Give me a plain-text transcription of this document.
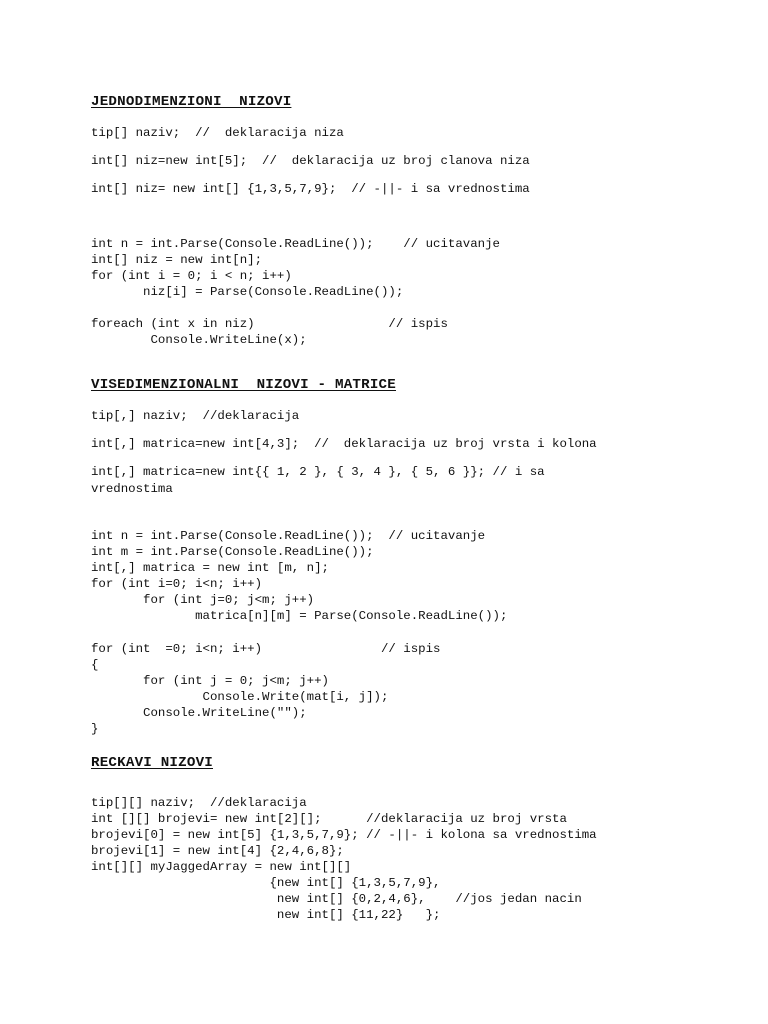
JEDNODIMENZIONI  NIZOVI
tip[] naziv;  //  deklaracija niza
int[] niz=new int[5];  //  deklaracija uz broj clanova niza
int[] niz= new int[] {1,3,5,7,9};  // -||- i sa vrednostima
int n = int.Parse(Console.ReadLine());    // ucitavanje
int[] niz = new int[n];
for (int i = 0; i < n; i++)
niz[i] = Parse(Console.ReadLine());
foreach (int x in niz)                  // ispis
Console.WriteLine(x);
VISEDIMENZIONALNI  NIZOVI - MATRICE
tip[,] naziv;  //deklaracija
int[,] matrica=new int[4,3];  //  deklaracija uz broj vrsta i kolona
int[,] matrica=new int{{ 1, 2 }, { 3, 4 }, { 5, 6 }}; // i sa
vrednostima
int n = int.Parse(Console.ReadLine());  // ucitavanje
int m = int.Parse(Console.ReadLine());
int[,] matrica = new int [m, n];
for (int i=0; i<n; i++)
for (int j=0; j<m; j++)
matrica[n][m] = Parse(Console.ReadLine());
for (int  =0; i<n; i++)                // ispis
{
for (int j = 0; j<m; j++)
Console.Write(mat[i, j]);
Console.WriteLine("");
}
RECKAVI NIZOVI
tip[][] naziv;  //deklaracija
int [][] brojevi= new int[2][];      //deklaracija uz broj vrsta
brojevi[0] = new int[5] {1,3,5,7,9}; // -||- i kolona sa vrednostima
brojevi[1] = new int[4] {2,4,6,8};
int[][] myJaggedArray = new int[][]
{new int[] {1,3,5,7,9},
new int[] {0,2,4,6},    //jos jedan nacin
new int[] {11,22}   };
